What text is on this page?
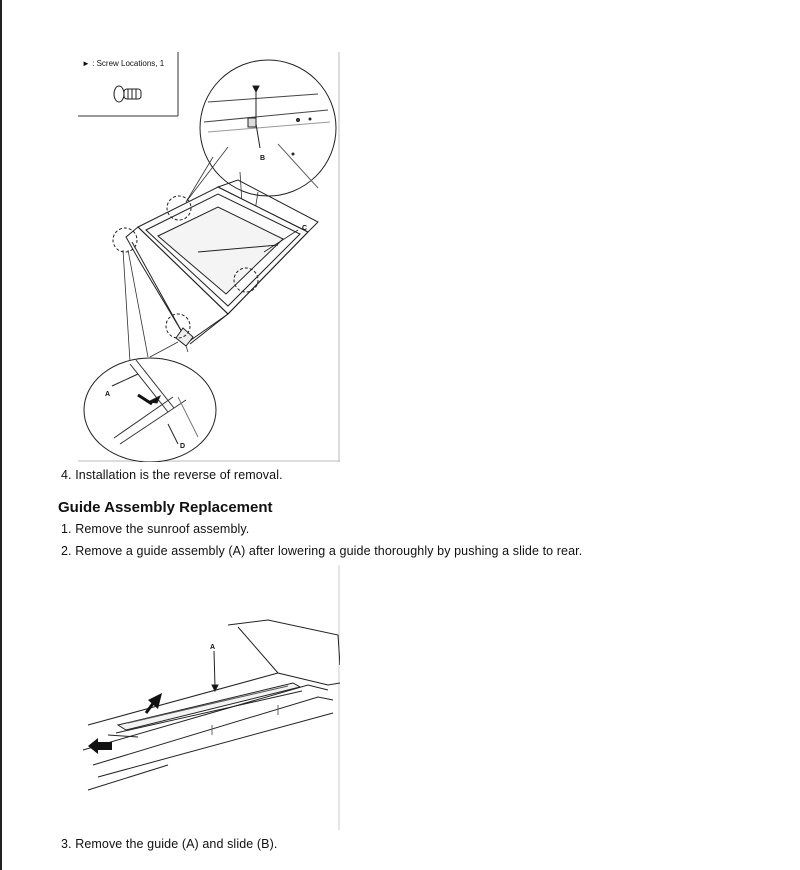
► : Screw Locations, 1
B
C
A
D
4. Installation is the reverse of removal.
Guide Assembly Replacement
1. Remove the sunroof assembly.
2. Remove a guide assembly (A) after lowering a guide thoroughly by pushing a slide to rear.
A
3. Remove the guide (A) and slide (B).
